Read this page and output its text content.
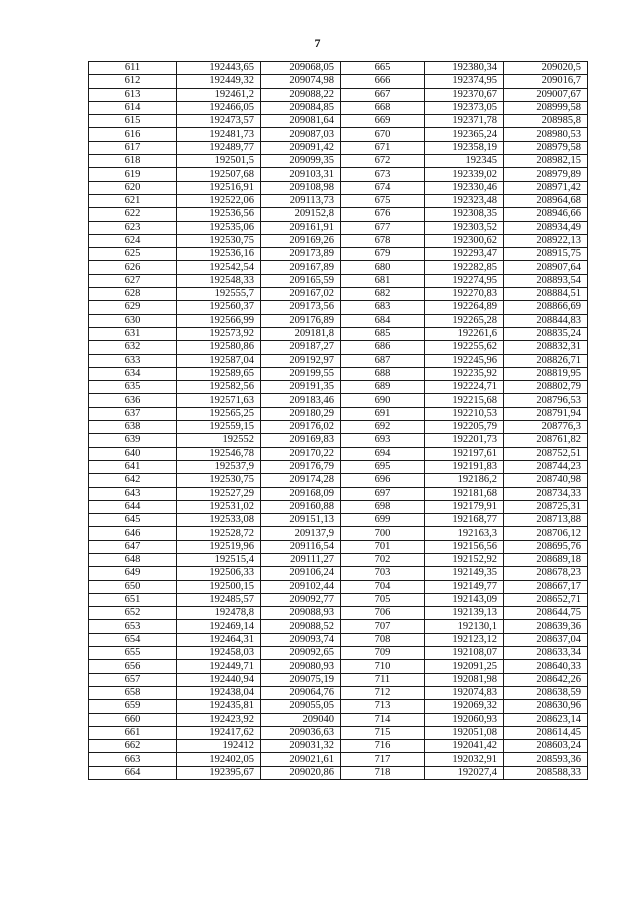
7
611	192443,65	209068,05	665	192380,34	209020,5
612	192449,32	209074,98	666	192374,95	209016,7
613	192461,2	209088,22	667	192370,67	209007,67
614	192466,05	209084,85	668	192373,05	208999,58
615	192473,57	209081,64	669	192371,78	208985,8
616	192481,73	209087,03	670	192365,24	208980,53
617	192489,77	209091,42	671	192358,19	208979,58
618	192501,5	209099,35	672	192345	208982,15
619	192507,68	209103,31	673	192339,02	208979,89
620	192516,91	209108,98	674	192330,46	208971,42
621	192522,06	209113,73	675	192323,48	208964,68
622	192536,56	209152,8	676	192308,35	208946,66
623	192535,06	209161,91	677	192303,52	208934,49
624	192530,75	209169,26	678	192300,62	208922,13
625	192536,16	209173,89	679	192293,47	208915,75
626	192542,54	209167,89	680	192282,85	208907,64
627	192548,33	209165,59	681	192274,95	208893,54
628	192555,7	209167,02	682	192270,83	208884,51
629	192560,37	209173,56	683	192264,89	208866,69
630	192566,99	209176,89	684	192265,28	208844,83
631	192573,92	209181,8	685	192261,6	208835,24
632	192580,86	209187,27	686	192255,62	208832,31
633	192587,04	209192,97	687	192245,96	208826,71
634	192589,65	209199,55	688	192235,92	208819,95
635	192582,56	209191,35	689	192224,71	208802,79
636	192571,63	209183,46	690	192215,68	208796,53
637	192565,25	209180,29	691	192210,53	208791,94
638	192559,15	209176,02	692	192205,79	208776,3
639	192552	209169,83	693	192201,73	208761,82
640	192546,78	209170,22	694	192197,61	208752,51
641	192537,9	209176,79	695	192191,83	208744,23
642	192530,75	209174,28	696	192186,2	208740,98
643	192527,29	209168,09	697	192181,68	208734,33
644	192531,02	209160,88	698	192179,91	208725,31
645	192533,08	209151,13	699	192168,77	208713,88
646	192528,72	209137,9	700	192163,3	208706,12
647	192519,96	209116,54	701	192156,56	208695,76
648	192515,4	209111,27	702	192152,92	208689,18
649	192506,33	209106,24	703	192149,35	208678,23
650	192500,15	209102,44	704	192149,77	208667,17
651	192485,57	209092,77	705	192143,09	208652,71
652	192478,8	209088,93	706	192139,13	208644,75
653	192469,14	209088,52	707	192130,1	208639,36
654	192464,31	209093,74	708	192123,12	208637,04
655	192458,03	209092,65	709	192108,07	208633,34
656	192449,71	209080,93	710	192091,25	208640,33
657	192440,94	209075,19	711	192081,98	208642,26
658	192438,04	209064,76	712	192074,83	208638,59
659	192435,81	209055,05	713	192069,32	208630,96
660	192423,92	209040	714	192060,93	208623,14
661	192417,62	209036,63	715	192051,08	208614,45
662	192412	209031,32	716	192041,42	208603,24
663	192402,05	209021,61	717	192032,91	208593,36
664	192395,67	209020,86	718	192027,4	208588,33
